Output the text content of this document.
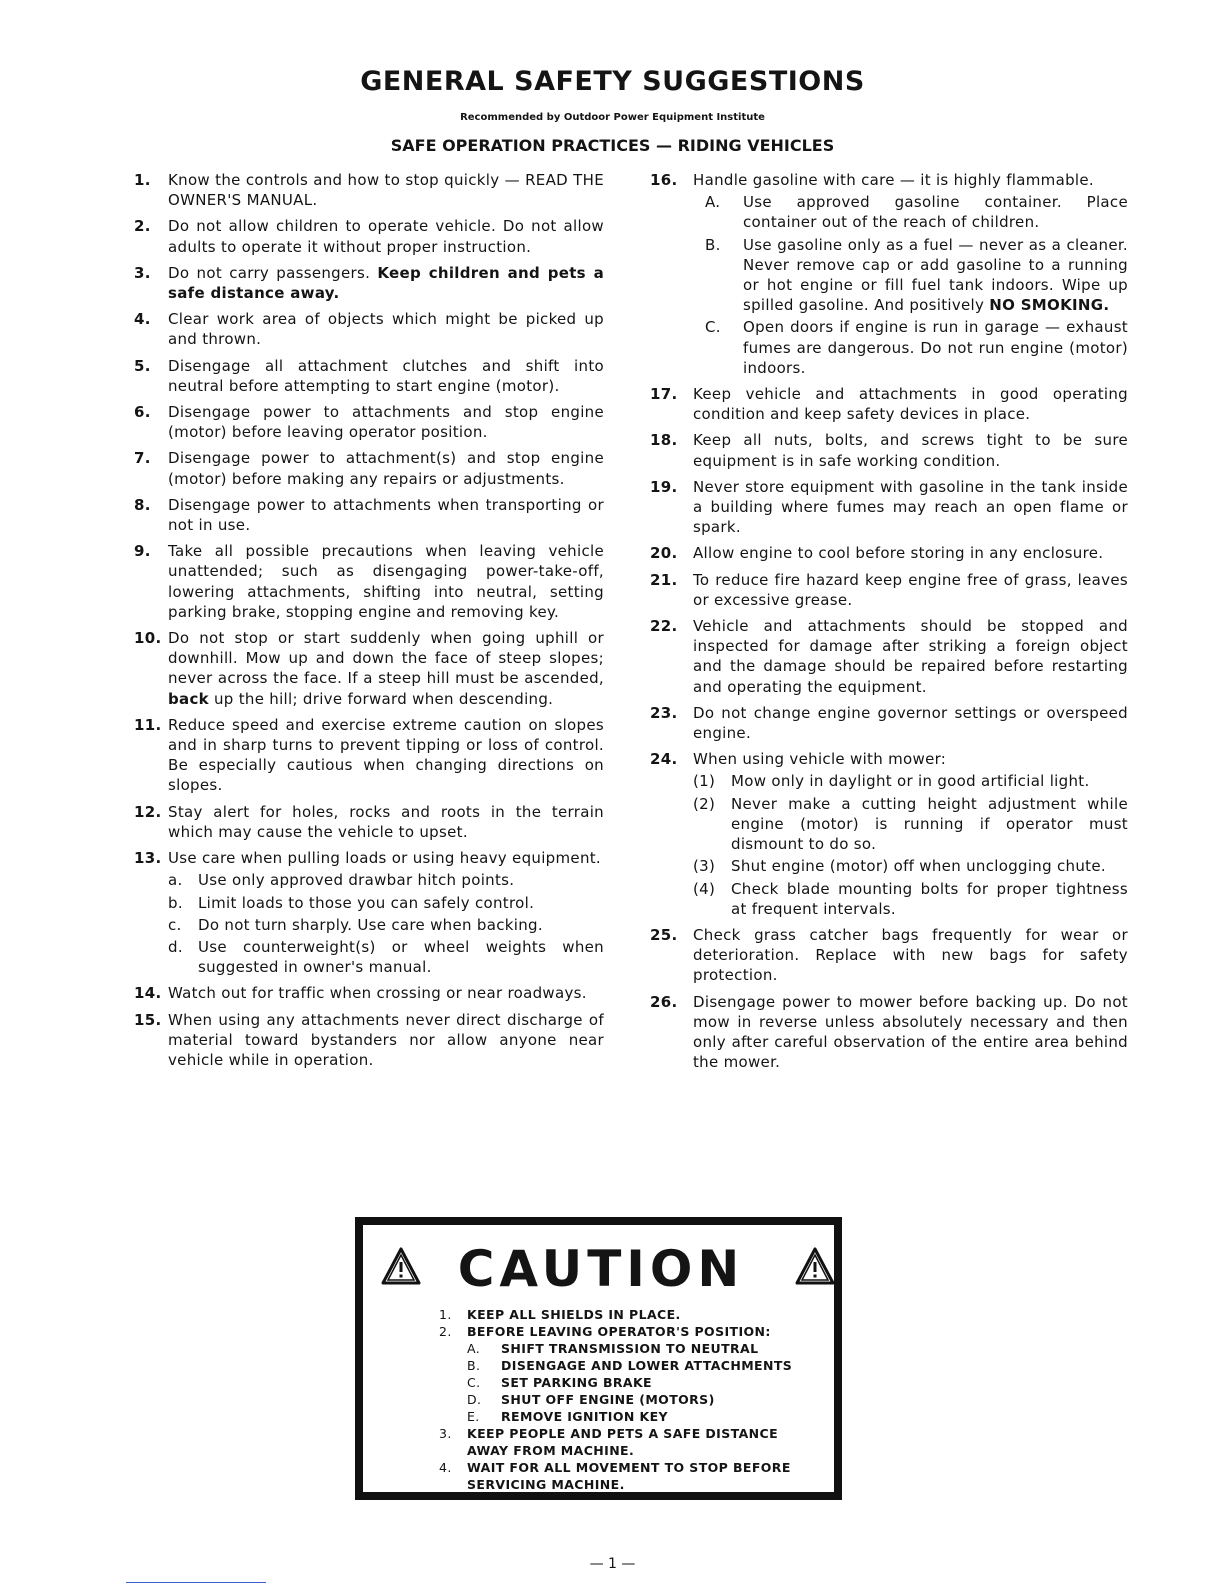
GENERAL SAFETY SUGGESTIONS
Recommended by Outdoor Power Equipment Institute
SAFE OPERATION PRACTICES — RIDING VEHICLES
1. Know the controls and how to stop quickly — READ THE OWNER'S MANUAL.
2. Do not allow children to operate vehicle. Do not allow adults to operate it without proper instruction.
3. Do not carry passengers. Keep children and pets a safe distance away.
4. Clear work area of objects which might be picked up and thrown.
5. Disengage all attachment clutches and shift into neutral before attempting to start engine (motor).
6. Disengage power to attachments and stop engine (motor) before leaving operator position.
7. Disengage power to attachment(s) and stop engine (motor) before making any repairs or adjustments.
8. Disengage power to attachments when transporting or not in use.
9. Take all possible precautions when leaving vehicle unattended; such as disengaging power-take-off, lowering attachments, shifting into neutral, setting parking brake, stopping engine and removing key.
10. Do not stop or start suddenly when going uphill or downhill. Mow up and down the face of steep slopes; never across the face. If a steep hill must be ascended, back up the hill; drive forward when descending.
11. Reduce speed and exercise extreme caution on slopes and in sharp turns to prevent tipping or loss of control. Be especially cautious when changing directions on slopes.
12. Stay alert for holes, rocks and roots in the terrain which may cause the vehicle to upset.
13. Use care when pulling loads or using heavy equipment.
a.	Use only approved drawbar hitch points.
b.	Limit loads to those you can safely control.
c.	Do not turn sharply. Use care when backing.
d.	Use counterweight(s) or wheel weights when suggested in owner's manual.
14. Watch out for traffic when crossing or near roadways.
15. When using any attachments never direct discharge of material toward bystanders nor allow anyone near vehicle while in operation.
16. Handle gasoline with care — it is highly flammable.
A.	Use approved gasoline container. Place container out of the reach of children.
B.	Use gasoline only as a fuel — never as a cleaner. Never remove cap or add gasoline to a running or hot engine or fill fuel tank indoors. Wipe up spilled gasoline. And positively NO SMOKING.
C.	Open doors if engine is run in garage — exhaust fumes are dangerous. Do not run engine (motor) indoors.
17. Keep vehicle and attachments in good operating condition and keep safety devices in place.
18. Keep all nuts, bolts, and screws tight to be sure equipment is in safe working condition.
19. Never store equipment with gasoline in the tank inside a building where fumes may reach an open flame or spark.
20. Allow engine to cool before storing in any enclosure.
21. To reduce fire hazard keep engine free of grass, leaves or excessive grease.
22. Vehicle and attachments should be stopped and inspected for damage after striking a foreign object and the damage should be repaired before restarting and operating the equipment.
23. Do not change engine governor settings or overspeed engine.
24. When using vehicle with mower:
(1)	Mow only in daylight or in good artificial light.
(2)	Never make a cutting height adjustment while engine (motor) is running if operator must dismount to do so.
(3)	Shut engine (motor) off when unclogging chute.
(4)	Check blade mounting bolts for proper tightness at frequent intervals.
25. Check grass catcher bags frequently for wear or deterioration. Replace with new bags for safety protection.
26. Disengage power to mower before backing up. Do not mow in reverse unless absolutely necessary and then only after careful observation of the entire area behind the mower.
CAUTION
1. KEEP ALL SHIELDS IN PLACE.
2. BEFORE LEAVING OPERATOR'S POSITION:
A. SHIFT TRANSMISSION TO NEUTRAL
B. DISENGAGE AND LOWER ATTACHMENTS
C. SET PARKING BRAKE
D. SHUT OFF ENGINE (MOTORS)
E. REMOVE IGNITION KEY
3. KEEP PEOPLE AND PETS A SAFE DISTANCE AWAY FROM MACHINE.
4. WAIT FOR ALL MOVEMENT TO STOP BEFORE SERVICING MACHINE.
— 1 —
